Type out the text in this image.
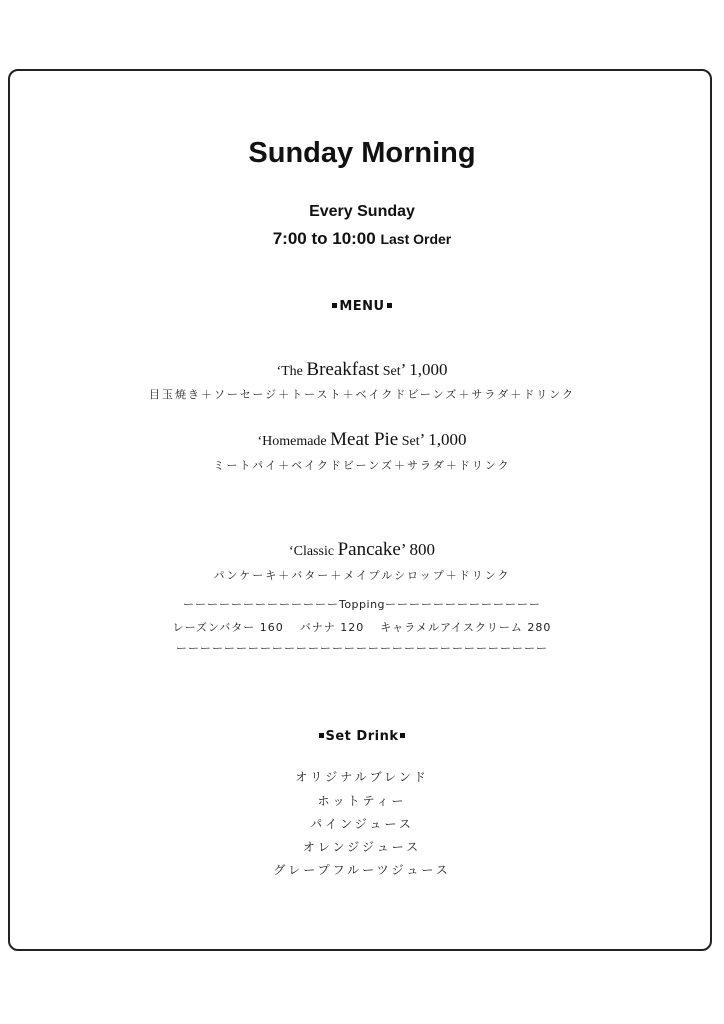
Sunday Morning
Every Sunday
7:00 to 10:00 Last Order
MENU
‘The Breakfast Set’ 1,000
目玉焼き＋ソーセージ＋トースト＋ベイクドビーンズ＋サラダ＋ドリンク
‘Homemade Meat Pie Set’ 1,000
ミートパイ＋ベイクドビーンズ＋サラダ＋ドリンク
‘Classic Pancake’ 800
パンケーキ＋バター＋メイプルシロップ＋ドリンク
ーーーーーーーーーーーーーToppingーーーーーーーーーーーーー
レーズンバター 160 バナナ 120 キャラメルアイスクリーム 280
ーーーーーーーーーーーーーーーーーーーーーーーーーーーーーーー
Set Drink
オリジナルブレンド
ホットティー
パインジュース
オレンジジュース
グレープフルーツジュース
